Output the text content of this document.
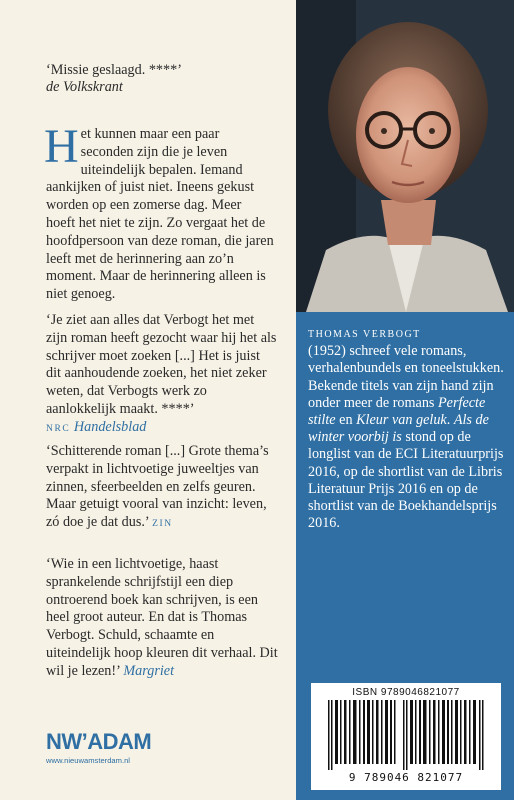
‘Missie geslaagd. ****’
de Volkskrant
Het kunnen maar een paar seconden zijn die je leven uiteindelijk bepalen. Iemand aankijken of juist niet. Ineens gekust worden op een zomerse dag. Meer hoeft het niet te zijn. Zo vergaat het de hoofdpersoon van deze roman, die jaren leeft met de herinnering aan zo’n moment. Maar de herinnering alleen is niet genoeg.
‘Je ziet aan alles dat Verbogt het met zijn roman heeft gezocht waar hij het als schrijver moet zoeken [...] Het is juist dit aanhoudende zoeken, het niet zeker weten, dat Verbogts werk zo aanlokkelijk maakt. ****’
NRC Handelsblad
‘Schitterende roman [...] Grote thema’s verpakt in lichtvoetige juweeltjes van zinnen, sfeerbeelden en zelfs geuren. Maar getuigt vooral van inzicht: leven, zó doe je dat dus.’ ZIN
‘Wie in een lichtvoetige, haast sprankelende schrijfstijl een diep ontroerend boek kan schrijven, is een heel groot auteur. En dat is Thomas Verbogt. Schuld, schaamte en uiteindelijk hoop kleuren dit verhaal. Dit wil je lezen!’ Margriet
NW’ADAM
www.nieuwamsterdam.nl
THOMAS VERBOGT
(1952) schreef vele romans, verhalenbundels en toneelstukken. Bekende titels van zijn hand zijn onder meer de romans Perfecte stilte en Kleur van geluk. Als de winter voorbij is stond op de longlist van de ECI Literatuurprijs 2016, op de shortlist van de Libris Literatuur Prijs 2016 en op de shortlist van de Boekhandelsprijs 2016.
ISBN 9789046821077
9 789046 821077
